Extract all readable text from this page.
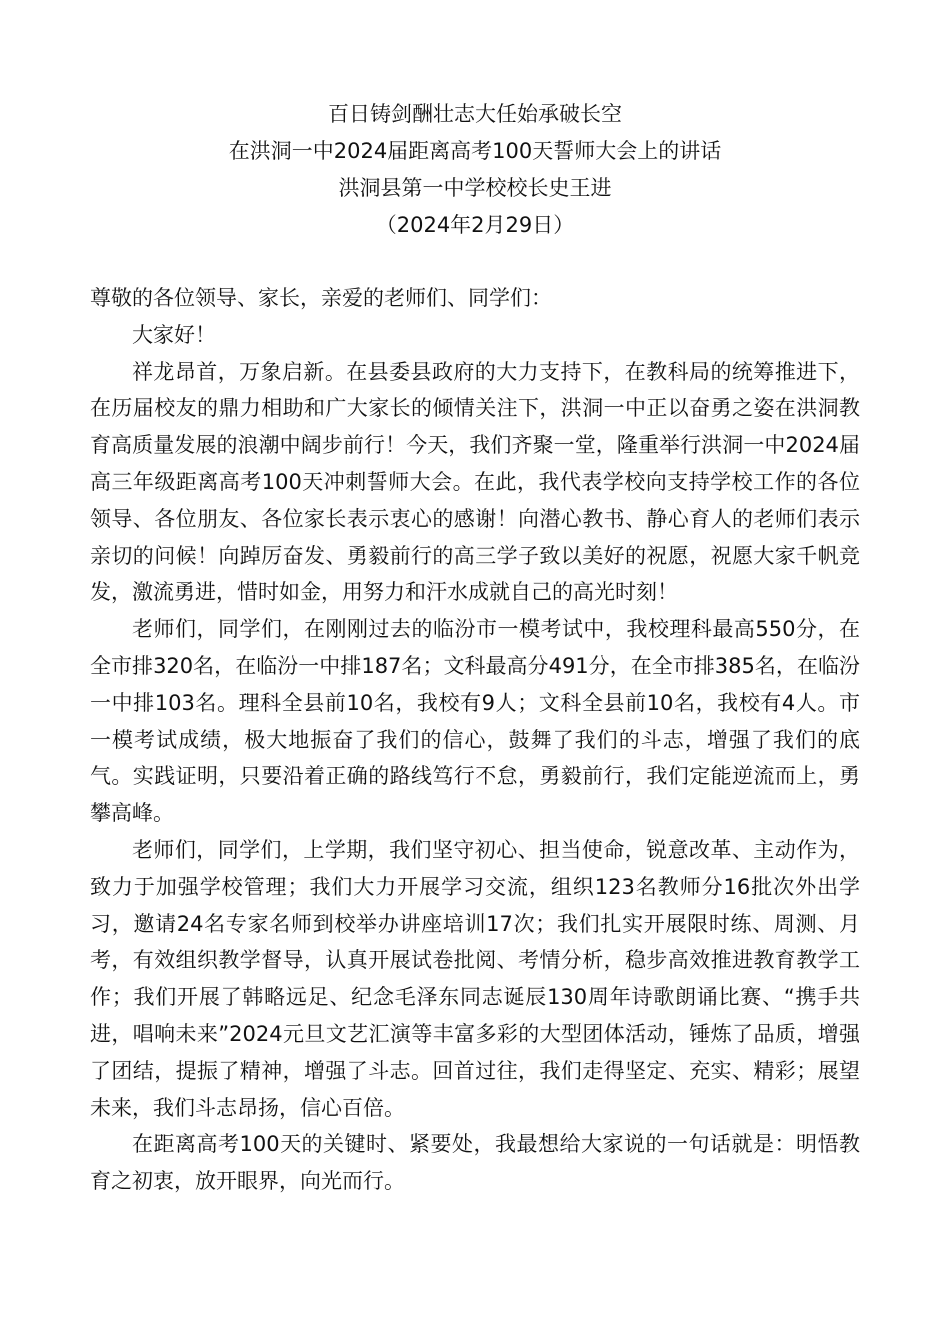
百日铸剑酬壮志大任始承破长空
在洪洞一中2024届距离高考100天誓师大会上的讲话
洪洞县第一中学校校长史王进
（2024年2月29日）

尊敬的各位领导、家长，亲爱的老师们、同学们：

大家好！

祥龙昂首，万象启新。在县委县政府的大力支持下，在教科局的统筹推进下，在历届校友的鼎力相助和广大家长的倾情关注下，洪洞一中正以奋勇之姿在洪洞教育高质量发展的浪潮中阔步前行！今天，我们齐聚一堂，隆重举行洪洞一中2024届高三年级距离高考100天冲刺誓师大会。在此，我代表学校向支持学校工作的各位领导、各位朋友、各位家长表示衷心的感谢！向潜心教书、静心育人的老师们表示亲切的问候！向踔厉奋发、勇毅前行的高三学子致以美好的祝愿，祝愿大家千帆竞发，激流勇进，惜时如金，用努力和汗水成就自己的高光时刻！

老师们，同学们，在刚刚过去的临汾市一模考试中，我校理科最高550分，在全市排320名，在临汾一中排187名；文科最高分491分，在全市排385名，在临汾一中排103名。理科全县前10名，我校有9人；文科全县前10名，我校有4人。市一模考试成绩，极大地振奋了我们的信心，鼓舞了我们的斗志，增强了我们的底气。实践证明，只要沿着正确的路线笃行不怠，勇毅前行，我们定能逆流而上，勇攀高峰。

老师们，同学们，上学期，我们坚守初心、担当使命，锐意改革、主动作为，致力于加强学校管理；我们大力开展学习交流，组织123名教师分16批次外出学习，邀请24名专家名师到校举办讲座培训17次；我们扎实开展限时练、周测、月考，有效组织教学督导，认真开展试卷批阅、考情分析，稳步高效推进教育教学工作；我们开展了韩略远足、纪念毛泽东同志诞辰130周年诗歌朗诵比赛、“携手共进，唱响未来”2024元旦文艺汇演等丰富多彩的大型团体活动，锤炼了品质，增强了团结，提振了精神，增强了斗志。回首过往，我们走得坚定、充实、精彩；展望未来，我们斗志昂扬，信心百倍。

在距离高考100天的关键时、紧要处，我最想给大家说的一句话就是：明悟教育之初衷，放开眼界，向光而行。
